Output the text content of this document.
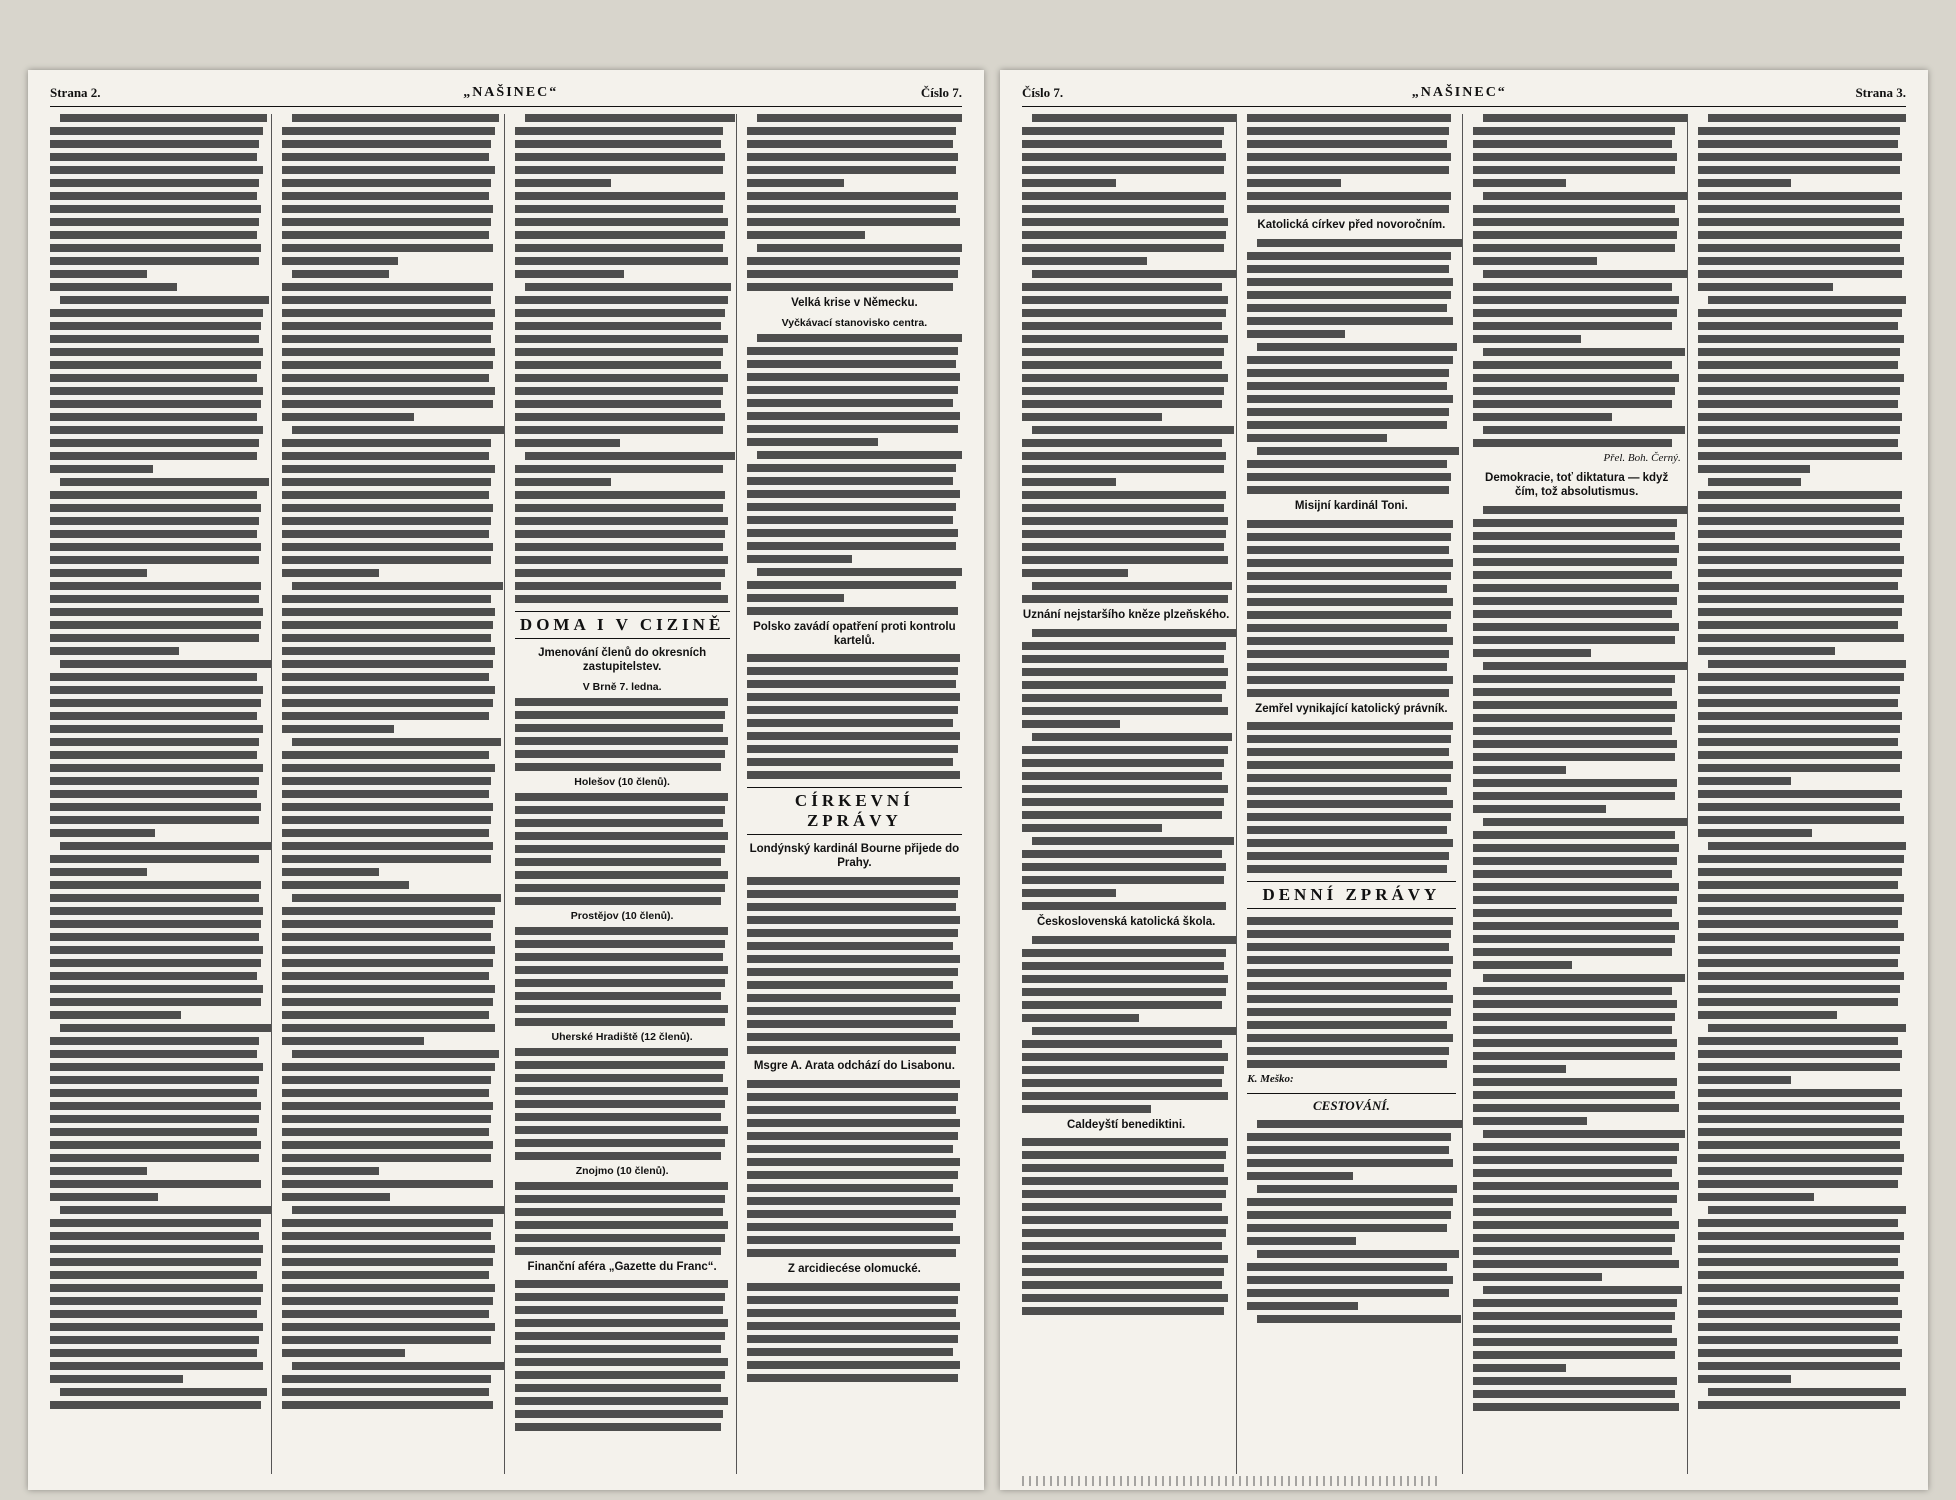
Strana 2.	„NAŠINEC“	Číslo 7.
DOMA I V CIZINĚ
Jmenování členů do okresních zastupitelstev.
V Brně 7. ledna.
Holešov (10 členů).
Prostějov (10 členů).
Uherské Hradiště (12 členů).
Znojmo (10 členů).
Finanční aféra „Gazette du Franc“.
Velká krise v Německu.
Vyčkávací stanovisko centra.
Polsko zavádí opatření proti kontrolu kartelů.
CÍRKEVNÍ ZPRÁVY
Londýnský kardinál Bourne přijede do Prahy.
Msgre A. Arata odchází do Lisabonu.
Z arcidiecése olomucké.
Číslo 7.	„NAŠINEC“	Strana 3.
Uznání nejstaršího kněze plzeňského.
Československá katolická škola.
Caldeyští benediktini.
Katolická církev před novoročním.
Misijní kardinál Toni.
Zemřel vynikající katolický právník.
DENNÍ ZPRÁVY
K. Meško:
CESTOVÁNÍ.
Přel. Boh. Černý.
Demokracie, toť diktatura — když čím, tož absolutismus.
